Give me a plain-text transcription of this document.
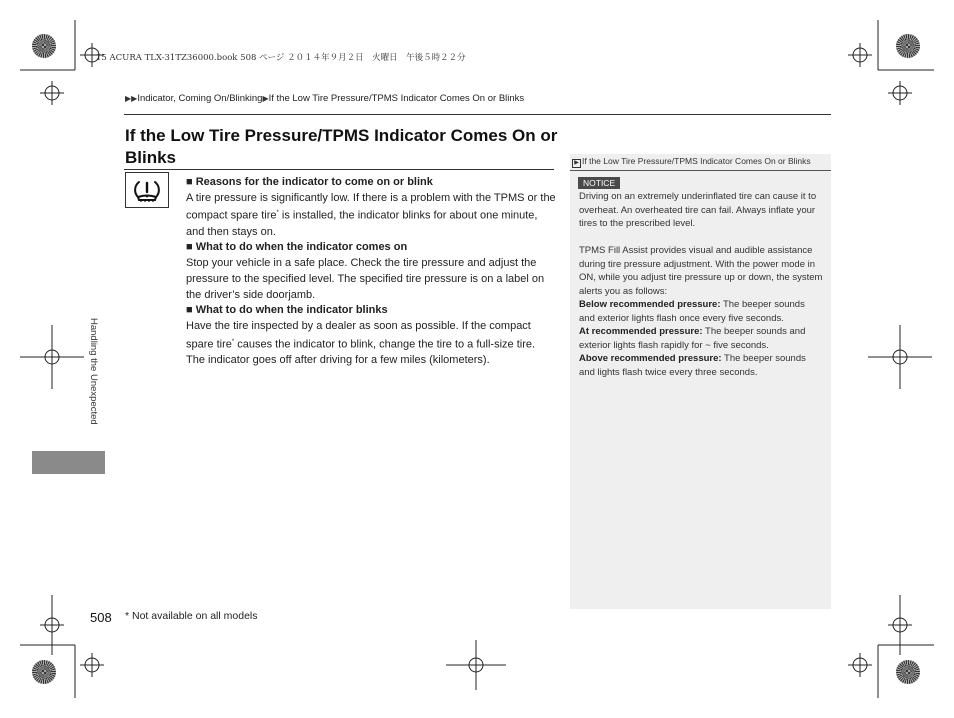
15 ACURA TLX-31TZ36000.book 508 ページ ２０１４年９月２日　火曜日　午後５時２２分
▶▶Indicator, Coming On/Blinking▶If the Low Tire Pressure/TPMS Indicator Comes On or Blinks
If the Low Tire Pressure/TPMS Indicator Comes On or Blinks

■ Reasons for the indicator to come on or blink

A tire pressure is significantly low. If there is a problem with the TPMS or the compact spare tire* is installed, the indicator blinks for about one minute, and then stays on.

■ What to do when the indicator comes on

Stop your vehicle in a safe place. Check the tire pressure and adjust the pressure to the specified level. The specified tire pressure is on a label on the driver’s side doorjamb.

■ What to do when the indicator blinks

Have the tire inspected by a dealer as soon as possible. If the compact spare tire* causes the indicator to blink, change the tire to a full-size tire. The indicator goes off after driving for a few miles (kilometers).

▶ If the Low Tire Pressure/TPMS Indicator Comes On or Blinks
NOTICE

Driving on an extremely underinflated tire can cause it to overheat. An overheated tire can fail. Always inflate your tires to the prescribed level.

TPMS Fill Assist provides visual and audible assistance during tire pressure adjustment. With the power mode in ON, while you adjust tire pressure up or down, the system alerts you as follows:

Below recommended pressure: The beeper sounds and exterior lights flash once every five seconds.

At recommended pressure: The beeper sounds and exterior lights flash rapidly for ~ five seconds.

Above recommended pressure: The beeper sounds and lights flash twice every three seconds.

Handling the Unexpected
508 * Not available on all models
